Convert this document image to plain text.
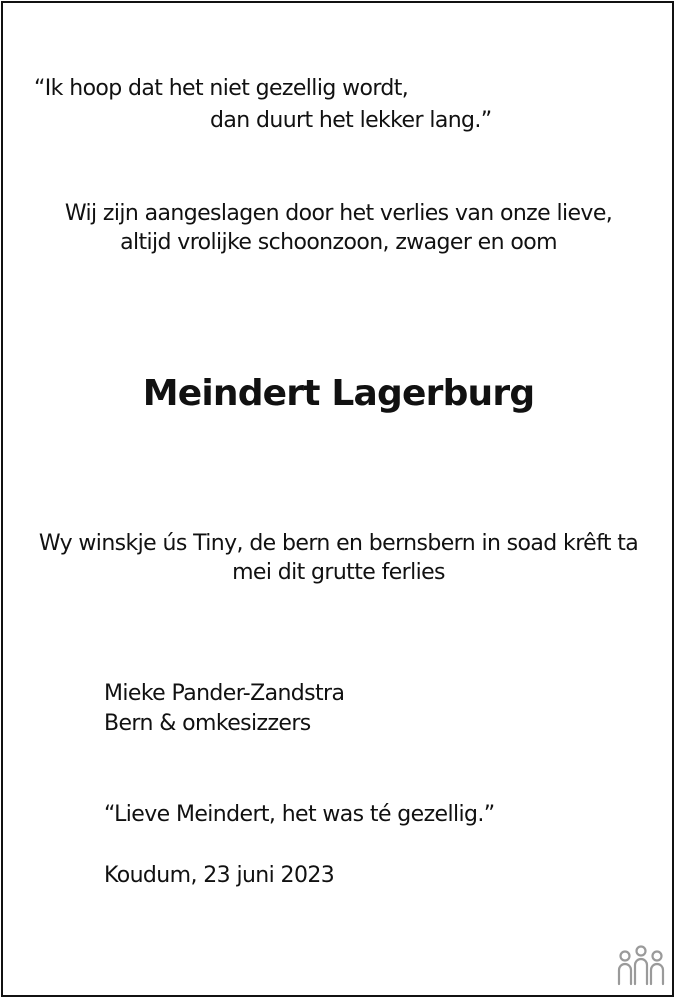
“Ik hoop dat het niet gezellig wordt,
dan duurt het lekker lang.”
Wij zijn aangeslagen door het verlies van onze lieve,
altijd vrolijke schoonzoon, zwager en oom
Meindert Lagerburg
Wy winskje ús Tiny, de bern en bernsbern in soad krêft ta
mei dit grutte ferlies
Mieke Pander-Zandstra
Bern & omkesizzers
“Lieve Meindert, het was té gezellig.”
Koudum, 23 juni 2023
